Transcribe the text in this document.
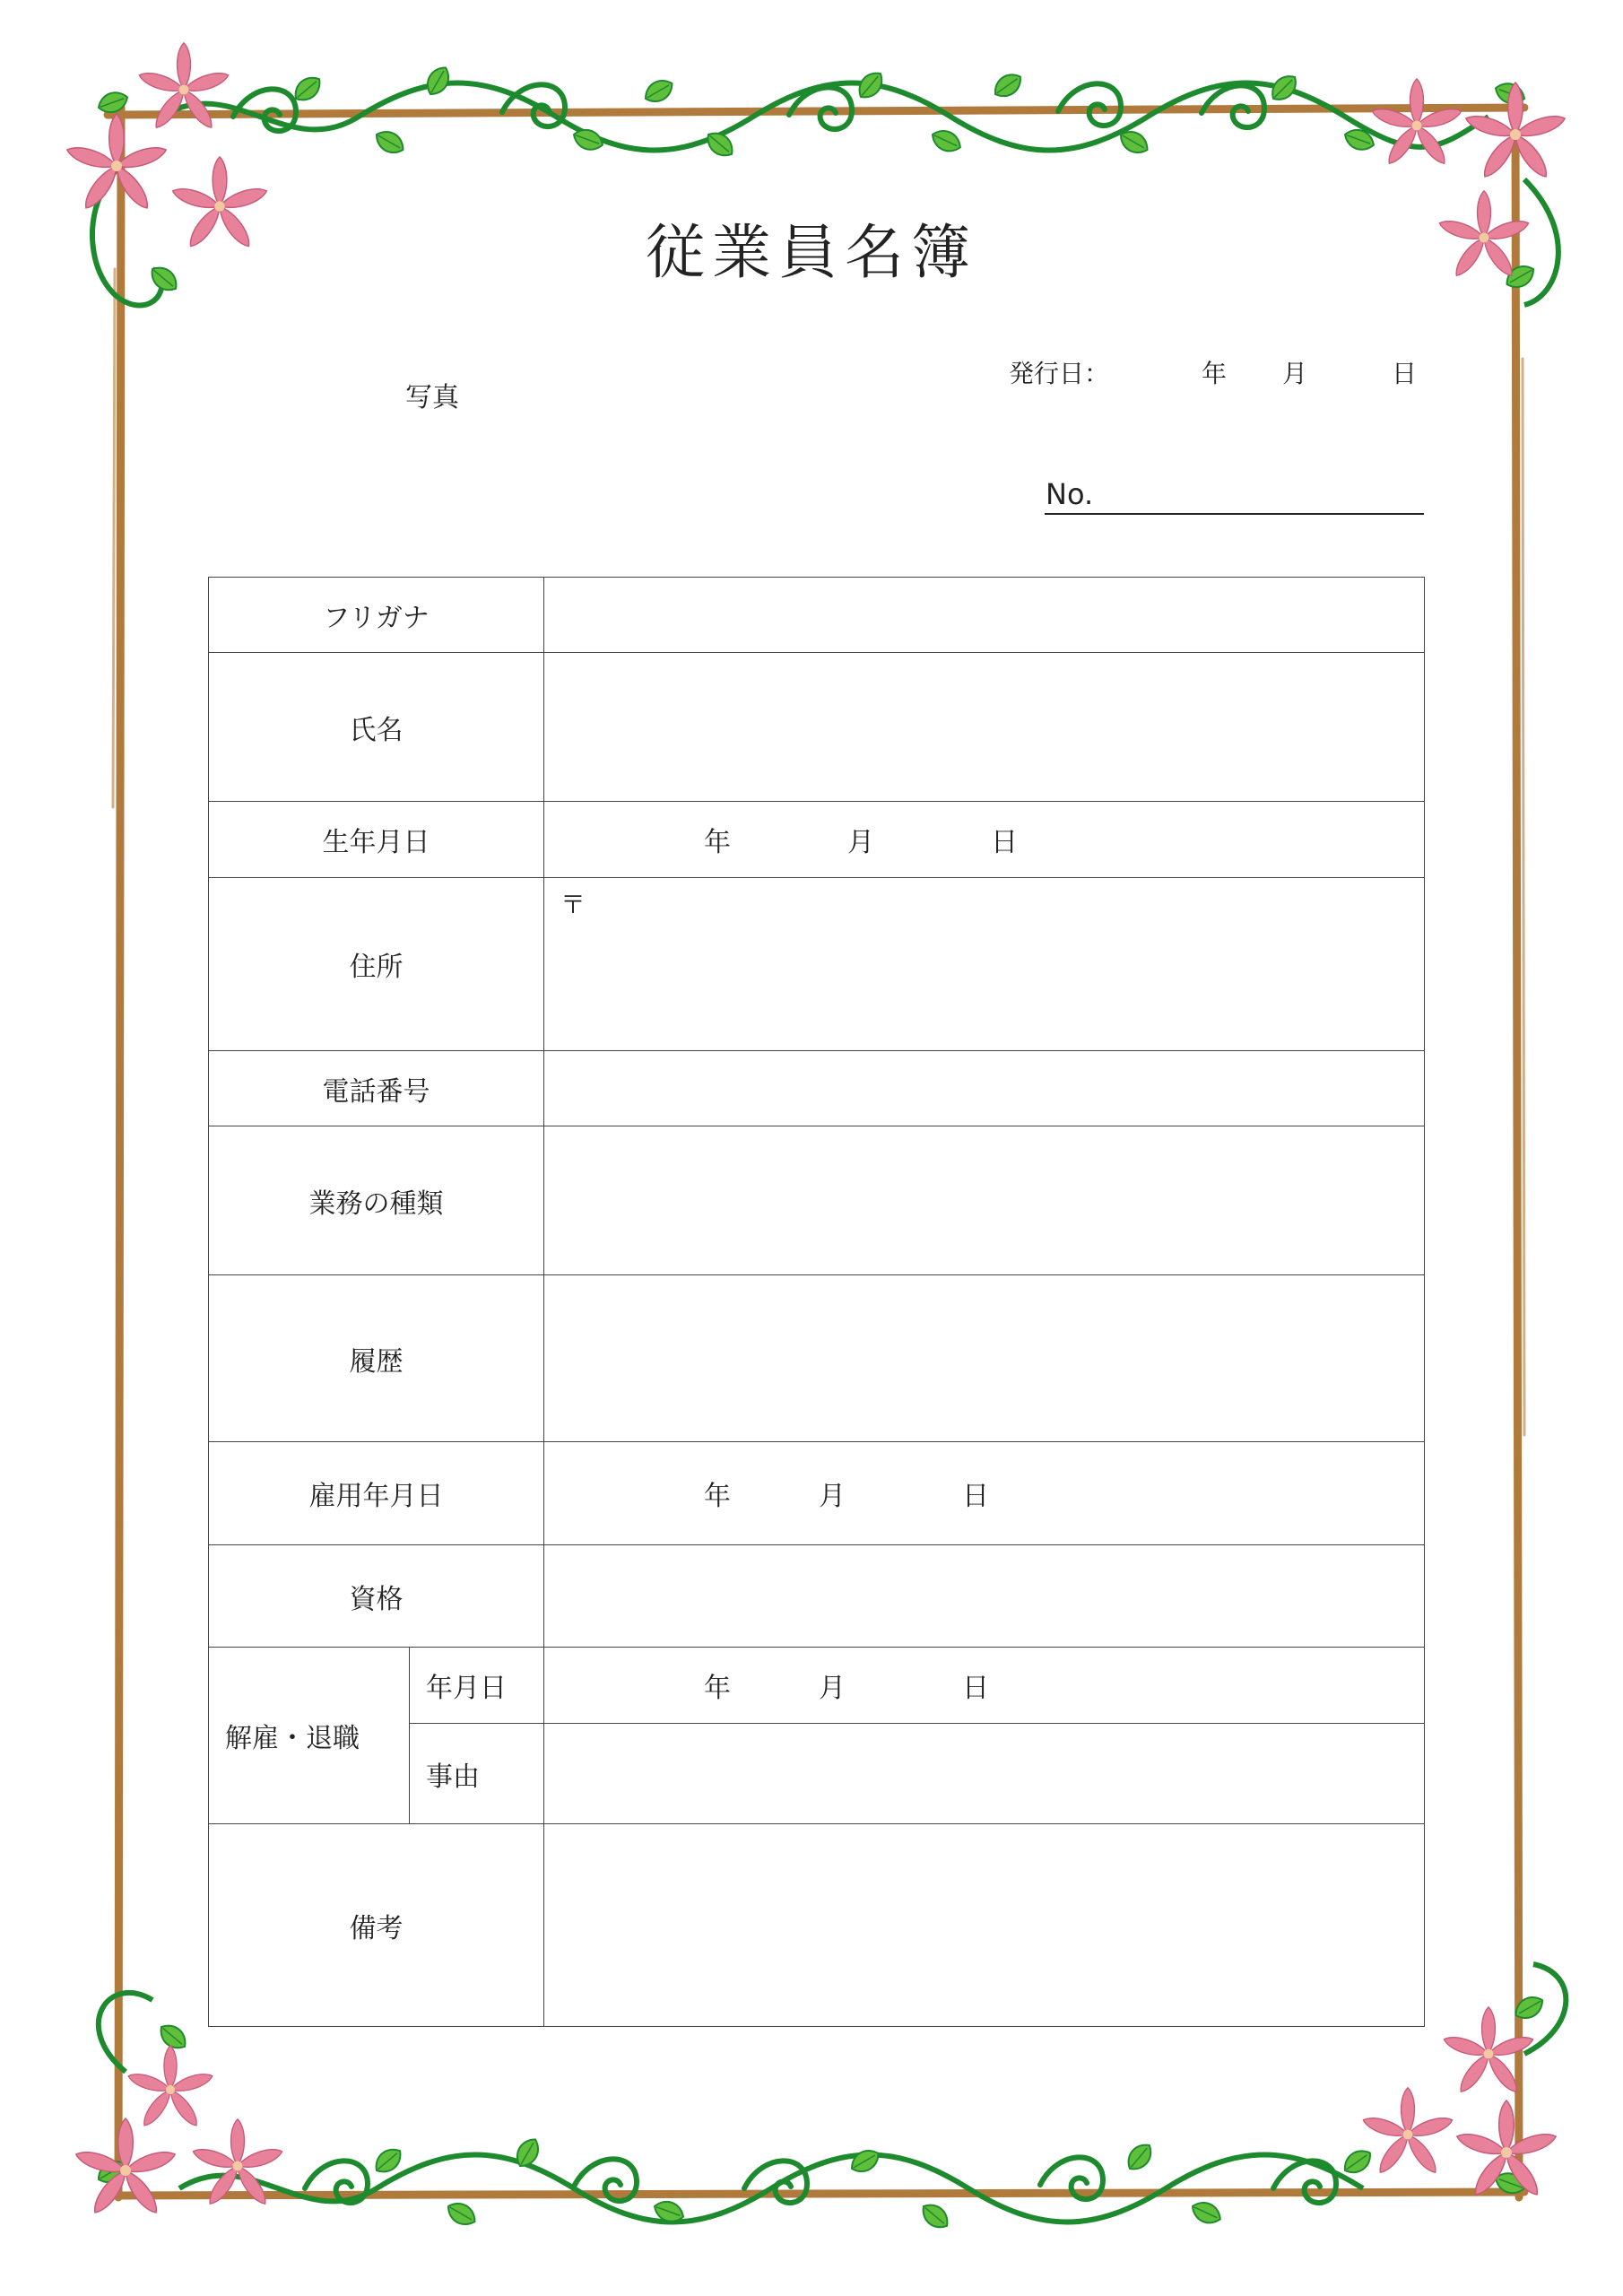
従業員名簿
写真
発行日：	年 月	日
No.
フリガナ		
氏名		
生年月日		年 月 日

住所		〒

電話番号		
業務の種類		
履歴		
雇用年月日		年 月 日

資格		
解雇・退職	年月日	年 月 日

	事由	
備考		
